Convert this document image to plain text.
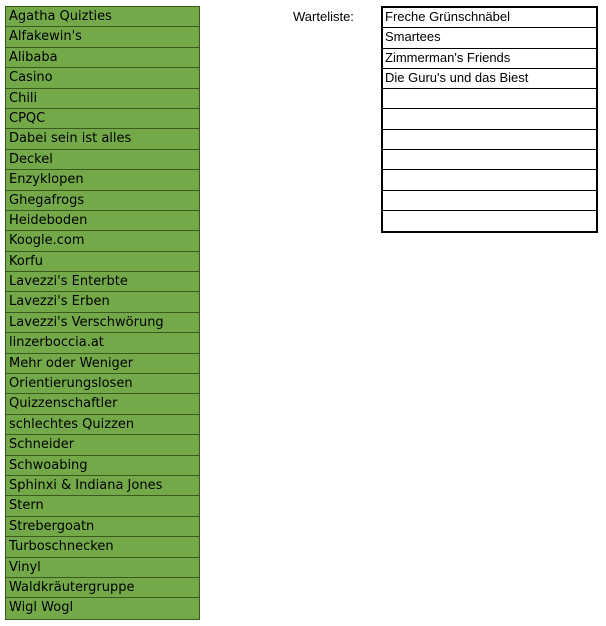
Agatha Quizties
Alfakewin's
Alibaba
Casino
Chili
CPQC
Dabei sein ist alles
Deckel
Enzyklopen
Ghegafrogs
Heideboden
Koogle.com
Korfu
Lavezzi's Enterbte
Lavezzi's Erben
Lavezzi's Verschwörung
linzerboccia.at
Mehr oder Weniger
Orientierungslosen
Quizzenschaftler
schlechtes Quizzen
Schneider
Schwoabing
Sphinxi & Indiana Jones
Stern
Strebergoatn
Turboschnecken
Vinyl
Waldkräutergruppe
Wigl Wogl
Warteliste: Freche Grünschnäbel
Smartees
Zimmerman's Friends
Die Guru's und das Biest
